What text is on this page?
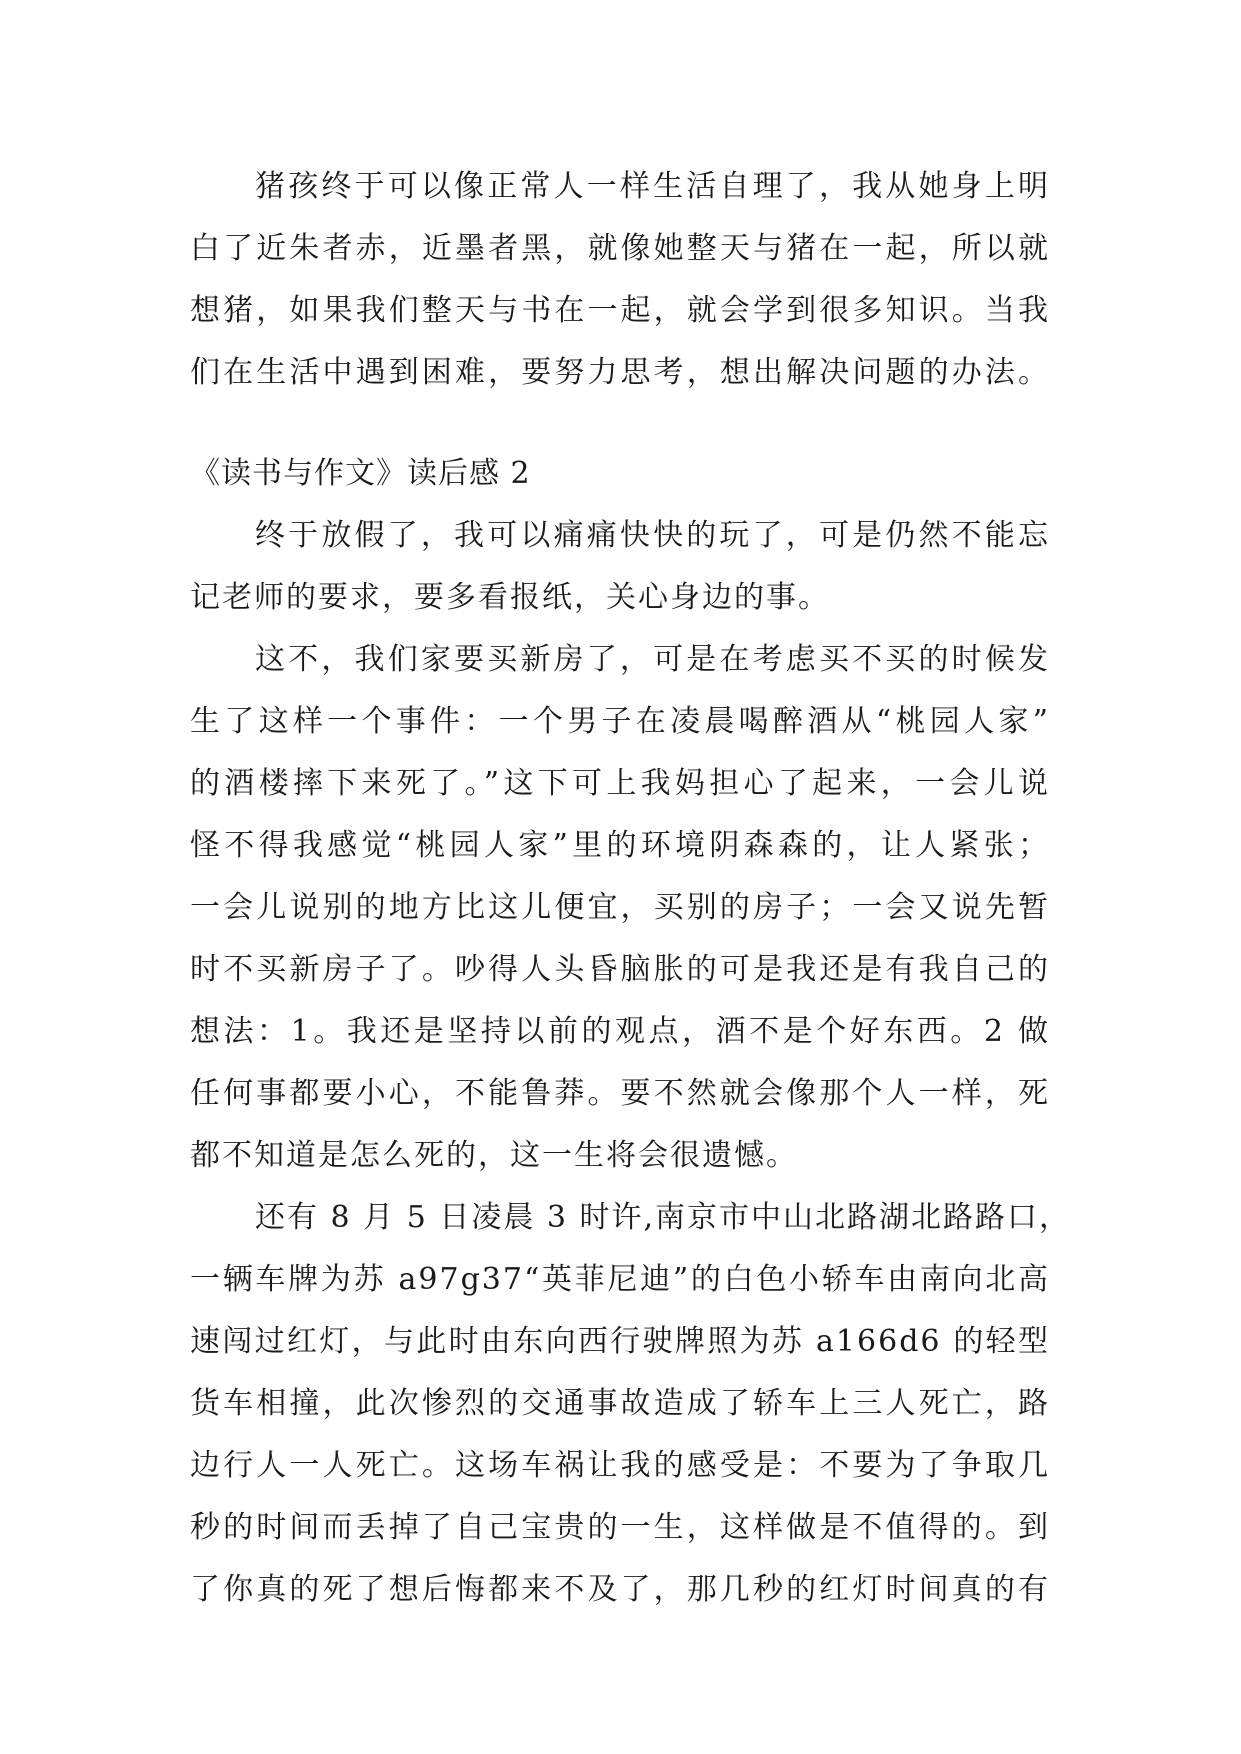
猪孩终于可以像正常人一样生活自理了，我从她身上明
白了近朱者赤，近墨者黑，就像她整天与猪在一起，所以就
想猪，如果我们整天与书在一起，就会学到很多知识。当我
们在生活中遇到困难，要努力思考，想出解决问题的办法。
《读书与作文》读后感 2
终于放假了，我可以痛痛快快的玩了，可是仍然不能忘
记老师的要求，要多看报纸，关心身边的事。
这不，我们家要买新房了，可是在考虑买不买的时候发
生了这样一个事件：一个男子在凌晨喝醉酒从“桃园人家”
的酒楼摔下来死了。”这下可上我妈担心了起来，一会儿说
怪不得我感觉“桃园人家”里的环境阴森森的，让人紧张；
一会儿说别的地方比这儿便宜，买别的房子；一会又说先暂
时不买新房子了。吵得人头昏脑胀的可是我还是有我自己的
想法：1。我还是坚持以前的观点，酒不是个好东西。2 做
任何事都要小心，不能鲁莽。要不然就会像那个人一样，死
都不知道是怎么死的，这一生将会很遗憾。
还有 8 月 5 日凌晨 3 时许,南京市中山北路湖北路路口，
一辆车牌为苏 a97g37“英菲尼迪”的白色小轿车由南向北高
速闯过红灯，与此时由东向西行驶牌照为苏 a166d6 的轻型
货车相撞，此次惨烈的交通事故造成了轿车上三人死亡，路
边行人一人死亡。这场车祸让我的感受是：不要为了争取几
秒的时间而丢掉了自己宝贵的一生，这样做是不值得的。到
了你真的死了想后悔都来不及了，那几秒的红灯时间真的有
